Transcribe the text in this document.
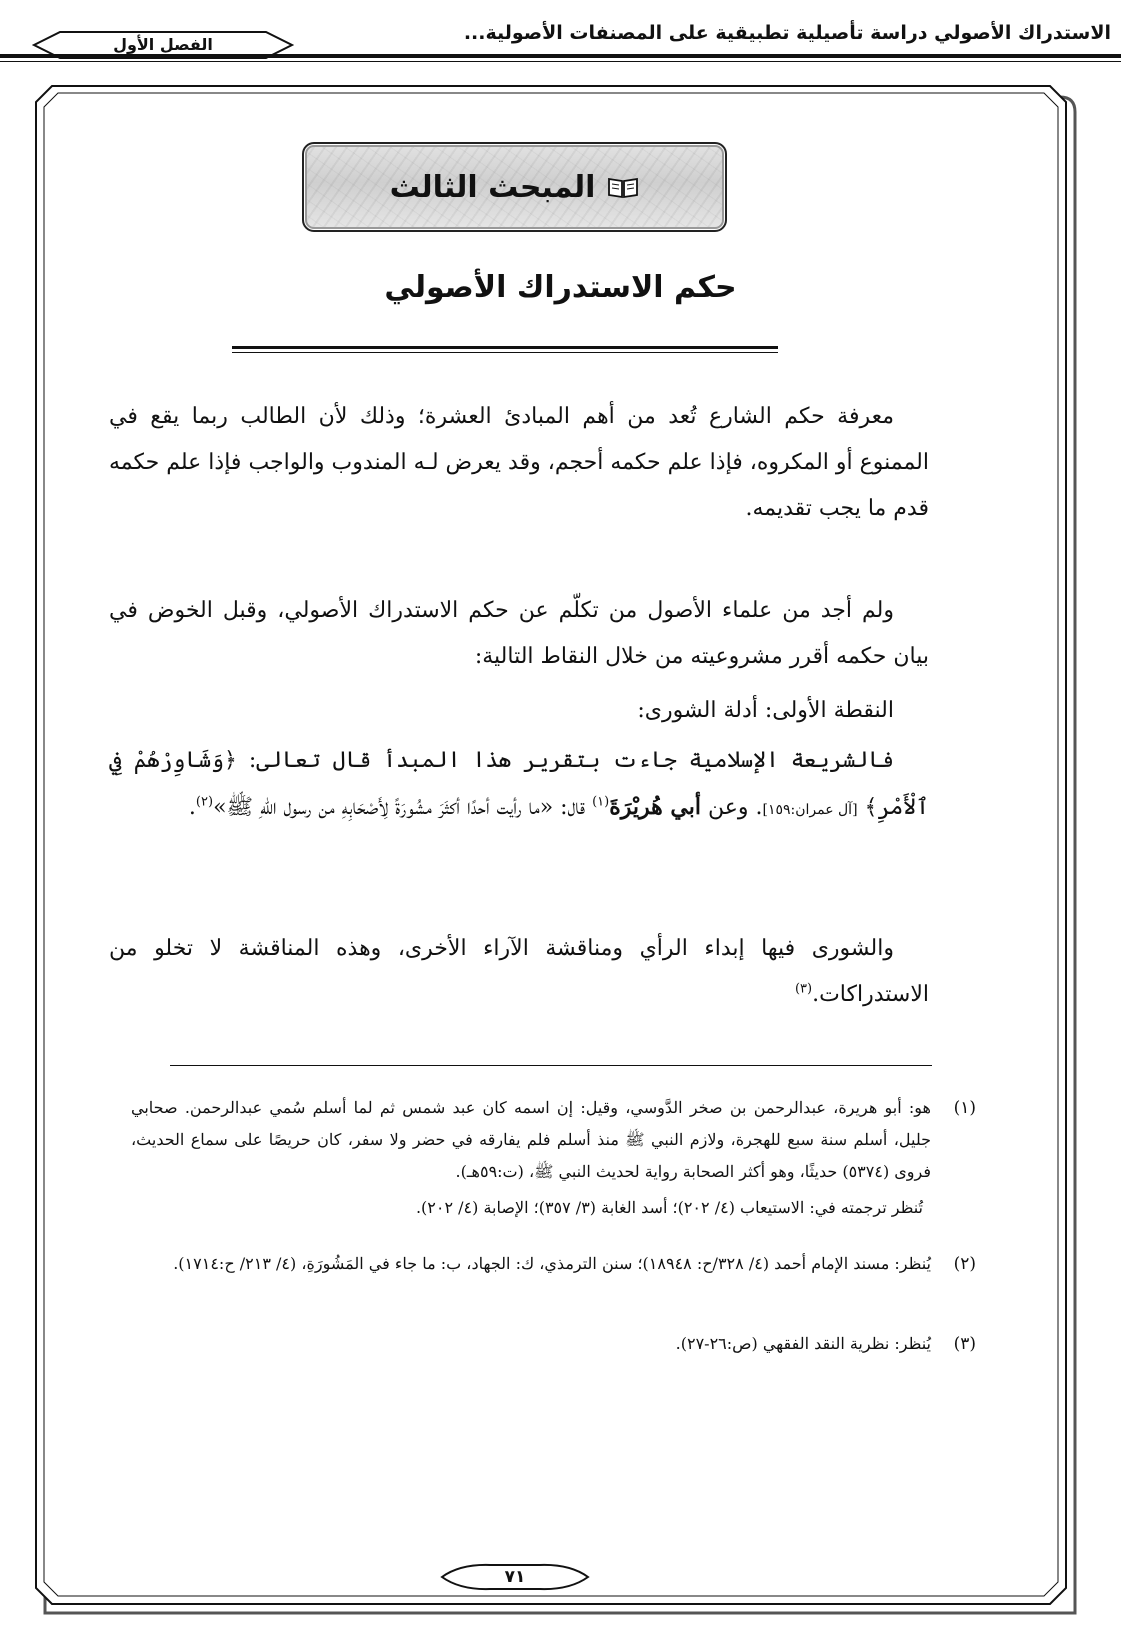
الاستدراك الأصولي دراسة تأصيلية تطبيقية على المصنفات الأصولية...
الفصل الأول
المبحث الثالث
حكم الاستدراك الأصولي
معرفة حكم الشارع تُعد من أهم المبادئ العشرة؛ وذلك لأن الطالب ربما يقع في الممنوع أو المكروه، فإذا علم حكمه أحجم، وقد يعرض لـه المندوب والواجب فإذا علم حكمه قدم ما يجب تقديمه.
ولم أجد من علماء الأصول من تكلّم عن حكم الاستدراك الأصولي، وقبل الخوض في بيان حكمه أقرر مشروعيته من خلال النقاط التالية:
النقطة الأولى: أدلة الشورى:
فالشريعة الإسلامية جاءت بتقرير هذا المبدأ قال تعالى: ﴿وَشَاوِرْهُمْ فِي ٱلْأَمْرِ﴾ [آل عمران:١٥٩]. وعن أبي هُريْرَةَ$^{(١)}$ قال: «ما رأيت أحدًا أكثَرَ مشُورَةً لِأَصْحَابِهِ من رسول اللهِ ﷺ»$^{(٢)}$.
والشورى فيها إبداء الرأي ومناقشة الآراء الأخرى، وهذه المناقشة لا تخلو من الاستدراكات.$^{(٣)}$
(١)

هو: أبو هريرة، عبدالرحمن بن صخر الدَّوسي، وقيل: إن اسمه كان عبد شمس ثم لما أسلم سُمي عبدالرحمن. صحابي جليل، أسلم سنة سبع للهجرة، ولازم النبي ﷺ منذ أسلم فلم يفارقه في حضر ولا سفر، كان حريصًا على سماع الحديث، فروى (٥٣٧٤) حديثًا، وهو أكثر الصحابة رواية لحديث النبي ﷺ، (ت:٥٩هـ).

تُنظر ترجمته في: الاستيعاب (٤/ ٢٠٢)؛ أسد الغابة (٣/ ٣٥٧)؛ الإصابة (٤/ ٢٠٢).

(٢)

يُنظر: مسند الإمام أحمد (٤/ ٣٢٨/ح: ١٨٩٤٨)؛ سنن الترمذي، ك: الجهاد، ب: ما جاء في المَشُورَةِ، (٤/ ٢١٣/ ح:١٧١٤).

(٣)

يُنظر: نظرية النقد الفقهي (ص:٢٦-٢٧).

٧١
